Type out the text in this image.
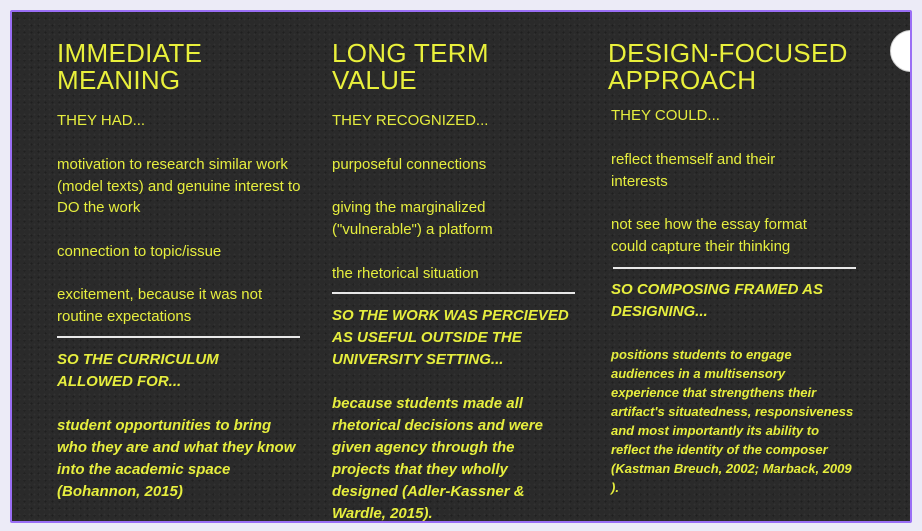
IMMEDIATE
MEANING
THEY HAD...
motivation to research similar work (model texts) and genuine interest to DO the work
connection to topic/issue
excitement, because it was not routine expectations
SO THE CURRICULUM ALLOWED FOR...
student opportunities to bring who they are and what they know into the academic space (Bohannon, 2015)
LONG TERM
VALUE
THEY RECOGNIZED...
purposeful connections
giving the marginalized ("vulnerable") a platform
the rhetorical situation
SO THE WORK WAS PERCIEVED AS USEFUL OUTSIDE THE UNIVERSITY SETTING...
because students made all rhetorical decisions and were given agency through the projects that they wholly designed (Adler-Kassner & Wardle, 2015).
DESIGN-FOCUSED
APPROACH
THEY COULD...
reflect themself and their interests
not see how the essay format could capture their thinking
SO COMPOSING FRAMED AS DESIGNING...
positions students to engage audiences in a multisensory experience that strengthens their artifact's situatedness, responsiveness and most importantly its ability to reflect the identity of the composer (Kastman Breuch, 2002; Marback, 2009 ).
